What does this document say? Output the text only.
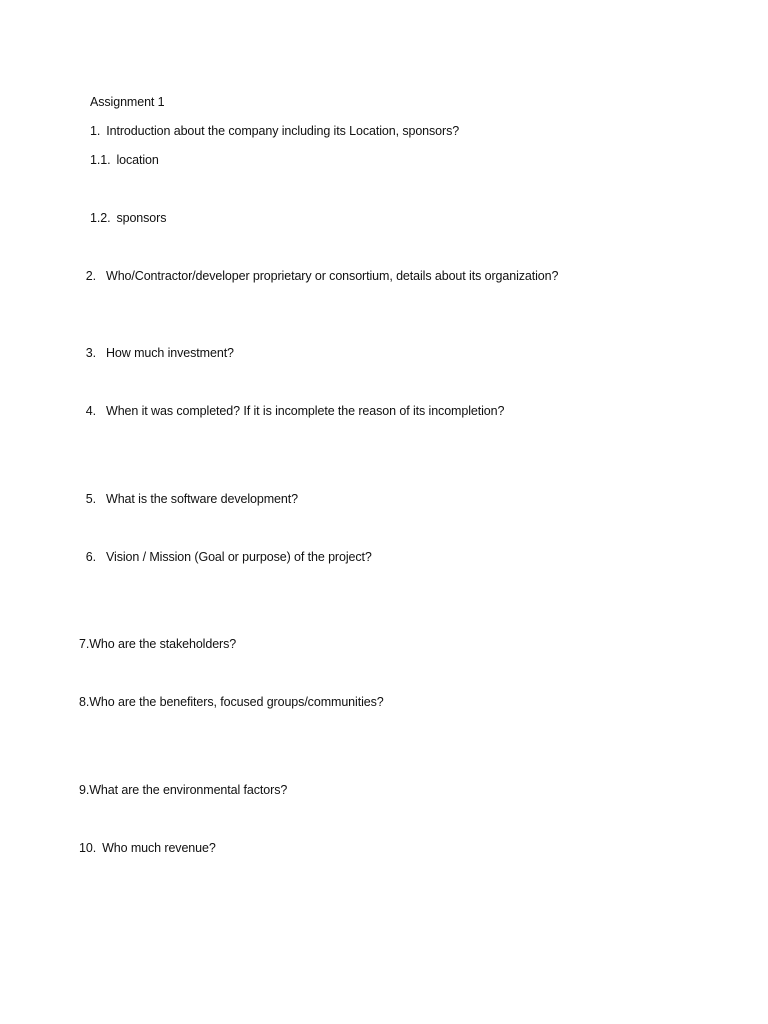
Assignment 1
1. Introduction about the company including its Location, sponsors?
1.1. location
1.2. sponsors
2. Who/Contractor/developer proprietary or consortium, details about its organization?
3. How much investment?
4. When it was completed? If it is incomplete the reason of its incompletion?
5. What is the software development?
6. Vision / Mission (Goal or purpose) of the project?
7.Who are the stakeholders?
8.Who are the benefiters, focused groups/communities?
9.What are the environmental factors?
10. Who much revenue?
